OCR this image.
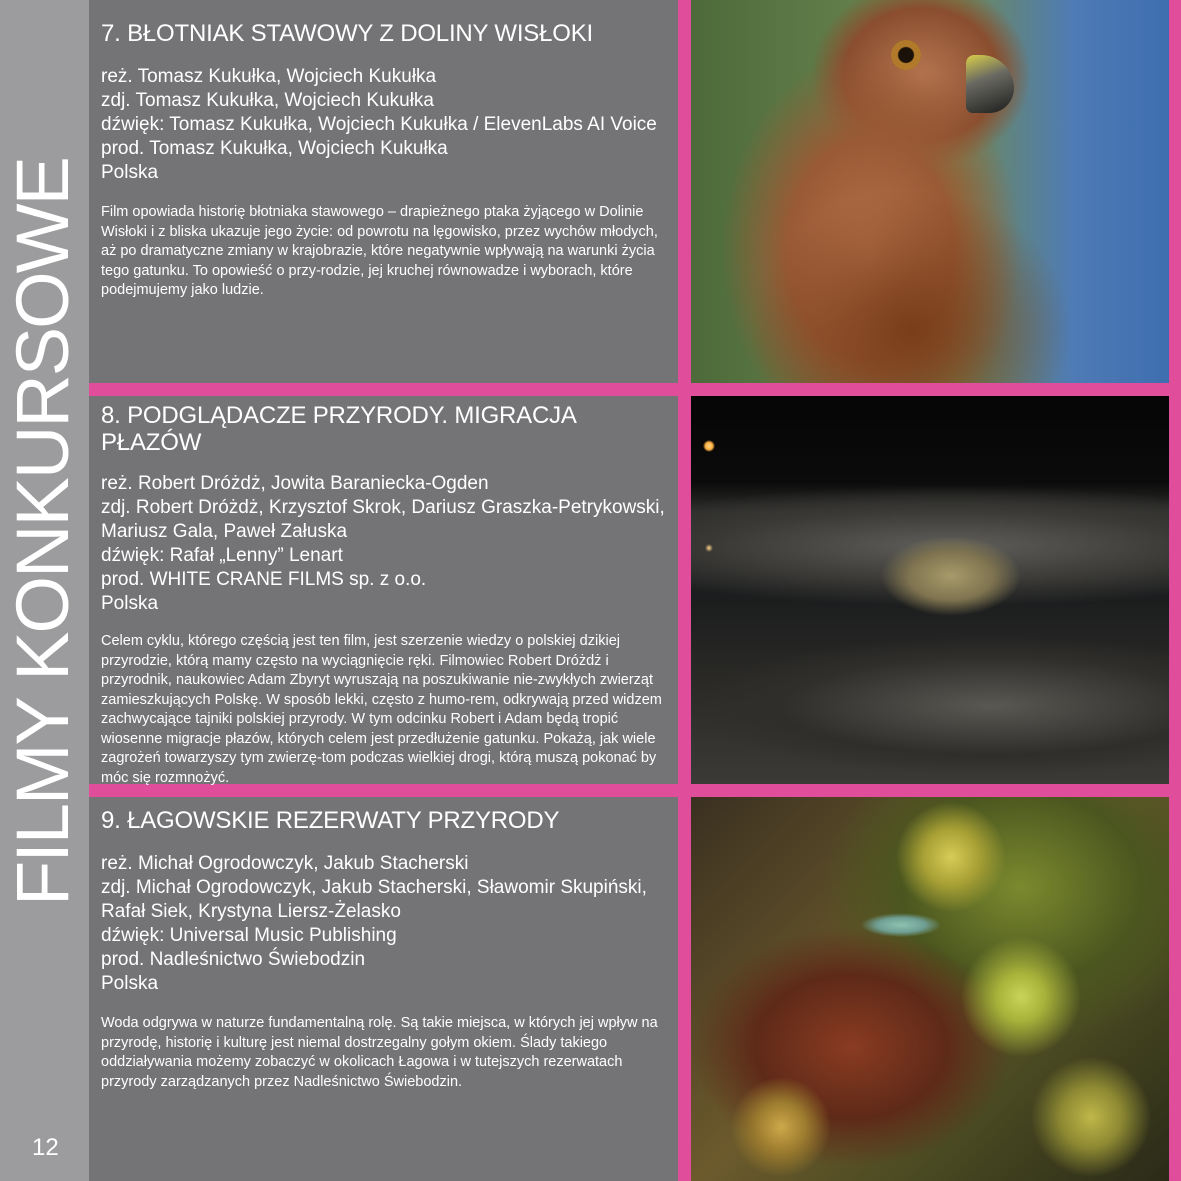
FILMY KONKURSOWE
12
7. BŁOTNIAK STAWOWY Z DOLINY WISŁOKI
reż. Tomasz Kukułka, Wojciech Kukułka
zdj. Tomasz Kukułka, Wojciech Kukułka
dźwięk: Tomasz Kukułka, Wojciech Kukułka / ElevenLabs AI Voice
prod. Tomasz Kukułka, Wojciech Kukułka
Polska
Film opowiada historię błotniaka stawowego – drapieżnego ptaka żyjącego w Dolinie Wisłoki i z bliska ukazuje jego życie: od powrotu na lęgowisko, przez wychów młodych, aż po dramatyczne zmiany w krajobrazie, które negatywnie wpływają na warunki życia tego gatunku. To opowieść o przy-rodzie, jej kruchej równowadze i wyborach, które podejmujemy jako ludzie.
8. PODGLĄDACZE PRZYRODY. MIGRACJA PŁAZÓW
reż. Robert Dróżdż, Jowita Baraniecka-Ogden
zdj. Robert Dróżdż, Krzysztof Skrok, Dariusz Graszka-Petrykowski, Mariusz Gala, Paweł Załuska
dźwięk: Rafał „Lenny” Lenart
prod. WHITE CRANE FILMS sp. z o.o.
Polska
Celem cyklu, którego częścią jest ten film, jest szerzenie wiedzy o polskiej dzikiej przyrodzie, którą mamy często na wyciągnięcie ręki. Filmowiec Robert Dróżdż i przyrodnik, naukowiec Adam Zbyryt wyruszają na poszukiwanie nie-zwykłych zwierząt zamieszkujących Polskę. W sposób lekki, często z humo-rem, odkrywają przed widzem zachwycające tajniki polskiej przyrody. W tym odcinku Robert i Adam będą tropić wiosenne migracje płazów, których celem jest przedłużenie gatunku. Pokażą, jak wiele zagrożeń towarzyszy tym zwierzę-tom podczas wielkiej drogi, którą muszą pokonać by móc się rozmnożyć.
9. ŁAGOWSKIE REZERWATY PRZYRODY
reż. Michał Ogrodowczyk, Jakub Stacherski
zdj. Michał Ogrodowczyk, Jakub Stacherski, Sławomir Skupiński, Rafał Siek, Krystyna Liersz-Żelasko
dźwięk: Universal Music Publishing
prod. Nadleśnictwo Świebodzin
Polska
Woda odgrywa w naturze fundamentalną rolę. Są takie miejsca, w których jej wpływ na przyrodę, historię i kulturę jest niemal dostrzegalny gołym okiem. Ślady takiego oddziaływania możemy zobaczyć w okolicach Łagowa i w tutejszych rezerwatach przyrody zarządzanych przez Nadleśnictwo Świebodzin.
